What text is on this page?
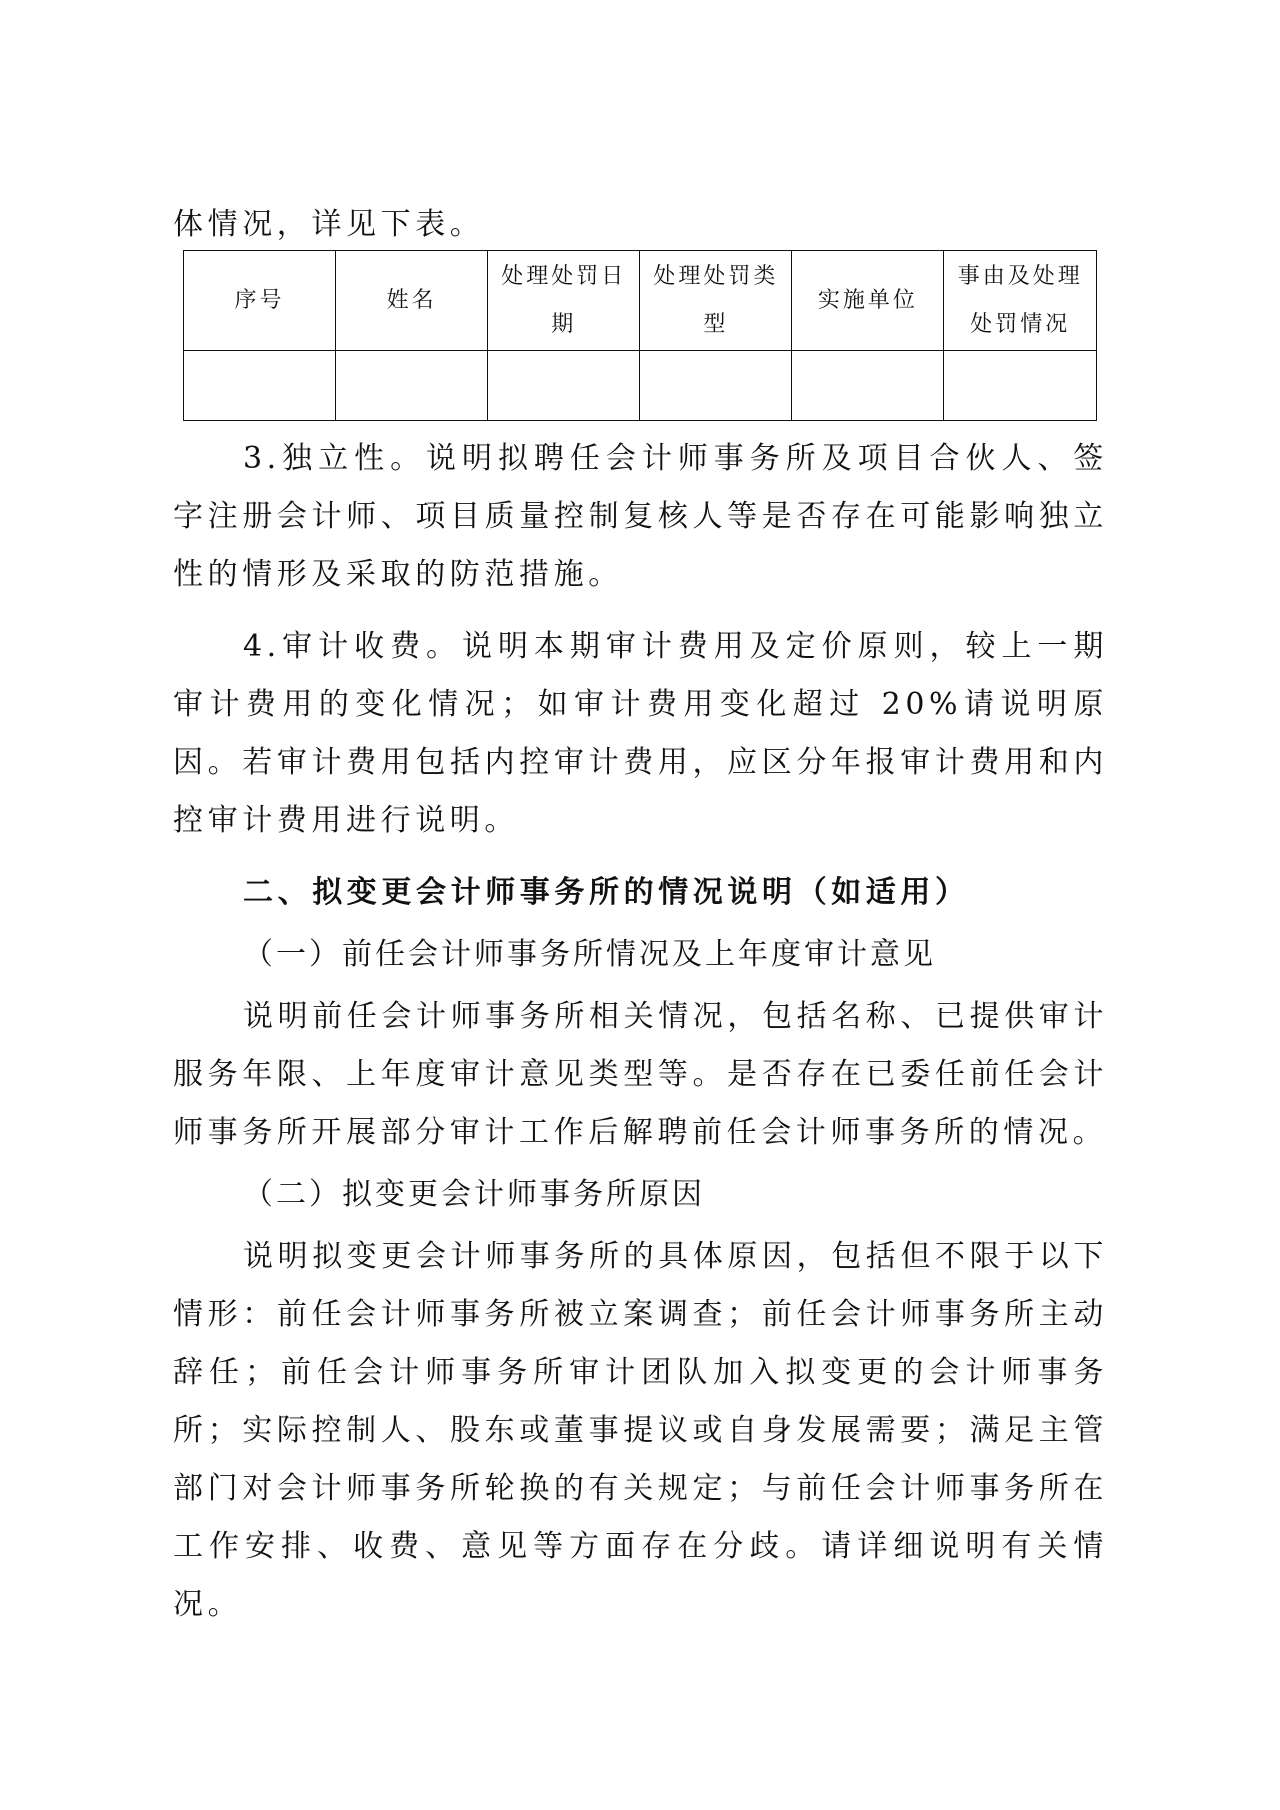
体情况，详见下表。
序号	姓名	处理处罚日期	处理处罚类型	实施单位	事由及处理处罚情况

3.独立性。说明拟聘任会计师事务所及项目合伙人、签字注册会计师、项目质量控制复核人等是否存在可能影响独立性的情形及采取的防范措施。

4.审计收费。说明本期审计费用及定价原则，较上一期审计费用的变化情况；如审计费用变化超过 20%请说明原因。若审计费用包括内控审计费用，应区分年报审计费用和内控审计费用进行说明。

二、拟变更会计师事务所的情况说明（如适用）

（一）前任会计师事务所情况及上年度审计意见

说明前任会计师事务所相关情况，包括名称、已提供审计服务年限、上年度审计意见类型等。是否存在已委任前任会计师事务所开展部分审计工作后解聘前任会计师事务所的情况。

（二）拟变更会计师事务所原因

说明拟变更会计师事务所的具体原因，包括但不限于以下情形：前任会计师事务所被立案调查；前任会计师事务所主动辞任；前任会计师事务所审计团队加入拟变更的会计师事务所；实际控制人、股东或董事提议或自身发展需要；满足主管部门对会计师事务所轮换的有关规定；与前任会计师事务所在工作安排、收费、意见等方面存在分歧。请详细说明有关情况。
